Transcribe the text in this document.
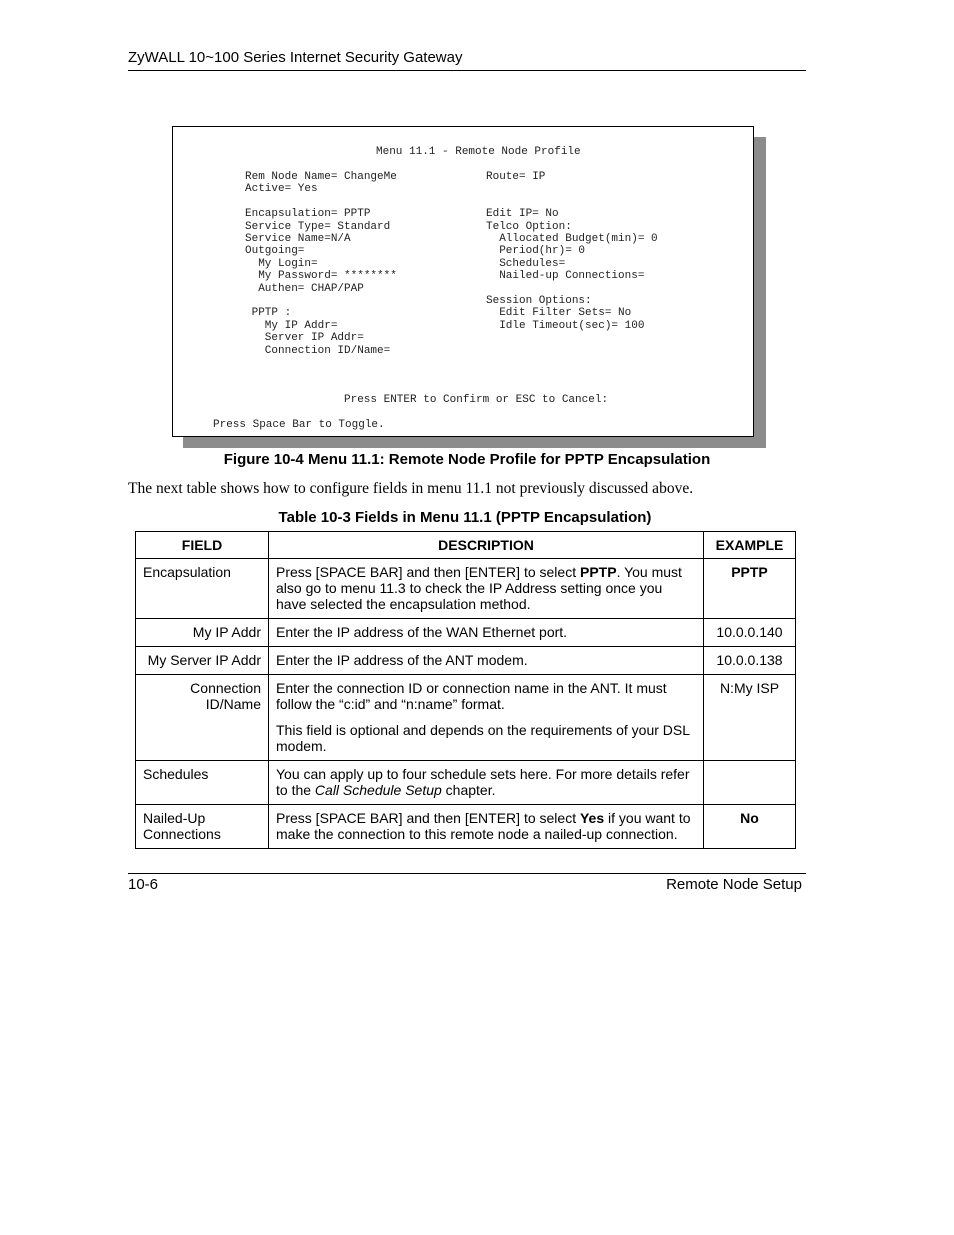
ZyWALL 10~100 Series Internet Security Gateway
Menu 11.1 - Remote Node Profile
Rem Node Name= ChangeMe
Active= Yes
Encapsulation= PPTP
Service Type= Standard
Service Name=N/A
Outgoing=
My Login=
My Password= ********
Authen= CHAP/PAP
PPTP :
My IP Addr=
Server IP Addr=
Connection ID/Name=
Route= IP
Edit IP= No
Telco Option:
Allocated Budget(min)= 0
Period(hr)= 0
Schedules=
Nailed-up Connections=
Session Options:
Edit Filter Sets= No
Idle Timeout(sec)= 100
Press ENTER to Confirm or ESC to Cancel:
Press Space Bar to Toggle.
Figure 10-4 Menu 11.1: Remote Node Profile for PPTP Encapsulation
The next table shows how to configure fields in menu 11.1 not previously discussed above.
Table 10-3 Fields in Menu 11.1 (PPTP Encapsulation)
FIELD	DESCRIPTION	EXAMPLE
Encapsulation	Press [SPACE BAR] and then [ENTER] to select PPTP. You must also go to menu 11.3 to check the IP Address setting once you have selected the encapsulation method.	PPTP
My IP Addr	Enter the IP address of the WAN Ethernet port.	10.0.0.140
My Server IP Addr	Enter the IP address of the ANT modem.	10.0.0.138
Connection ID/Name	Enter the connection ID or connection name in the ANT. It must follow the “c:id” and “n:name” format.

This field is optional and depends on the requirements of your DSL modem.	N:My ISP
Schedules	You can apply up to four schedule sets here. For more details refer to the Call Schedule Setup chapter.	
Nailed-Up Connections	Press [SPACE BAR] and then [ENTER] to select Yes if you want to make the connection to this remote node a nailed-up connection.	No
10-6	Remote Node Setup
